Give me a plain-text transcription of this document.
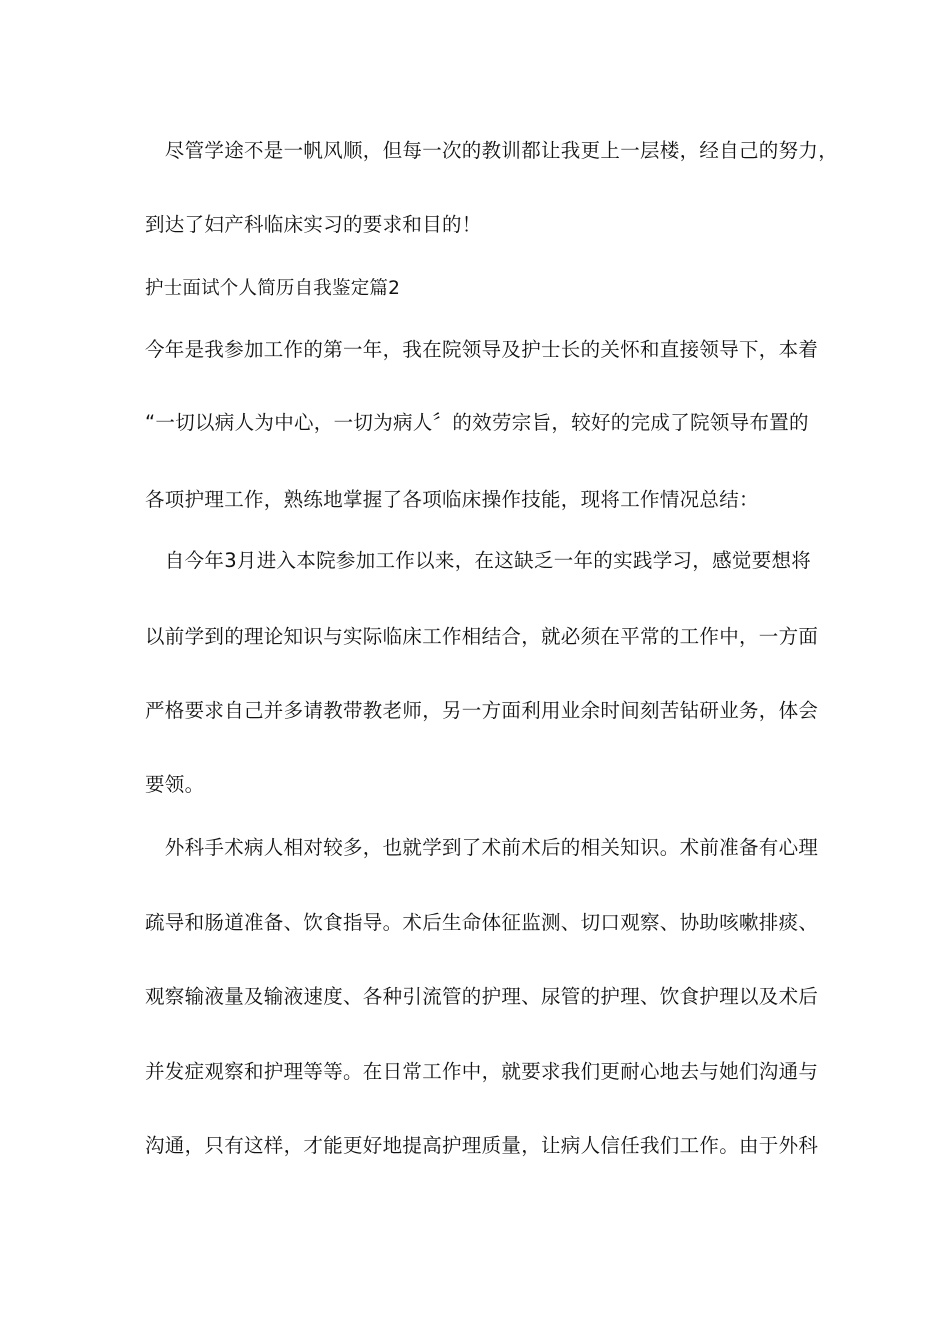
　尽管学途不是一帆风顺，但每一次的教训都让我更上一层楼，经自己的努力，
到达了妇产科临床实习的要求和目的！
护士面试个人简历自我鉴定篇2
今年是我参加工作的第一年，我在院领导及护士长的关怀和直接领导下，本着
“一切以病人为中心，一切为病人〞的效劳宗旨，较好的完成了院领导布置的
各项护理工作，熟练地掌握了各项临床操作技能，现将工作情况总结：
　自今年3月进入本院参加工作以来，在这缺乏一年的实践学习，感觉要想将
以前学到的理论知识与实际临床工作相结合，就必须在平常的工作中，一方面
严格要求自己并多请教带教老师，另一方面利用业余时间刻苦钻研业务，体会
要领。
　外科手术病人相对较多，也就学到了术前术后的相关知识。术前准备有心理
疏导和肠道准备、饮食指导。术后生命体征监测、切口观察、协助咳嗽排痰、
观察输液量及输液速度、各种引流管的护理、尿管的护理、饮食护理以及术后
并发症观察和护理等等。在日常工作中，就要求我们更耐心地去与她们沟通与
沟通，只有这样，才能更好地提高护理质量，让病人信任我们工作。由于外科
